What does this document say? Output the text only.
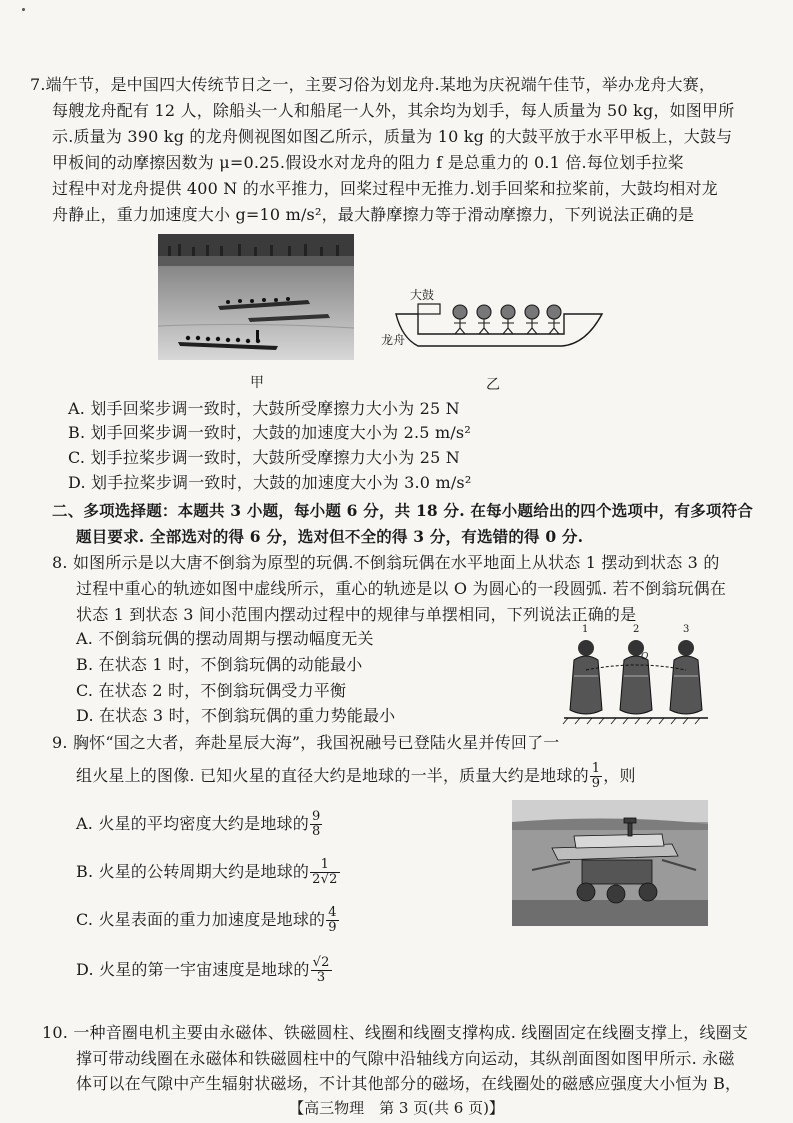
7.端午节，是中国四大传统节日之一，主要习俗为划龙舟.某地为庆祝端午佳节，举办龙舟大赛，
每艘龙舟配有 12 人，除船头一人和船尾一人外，其余均为划手，每人质量为 50 kg，如图甲所
示.质量为 390 kg 的龙舟侧视图如图乙所示，质量为 10 kg 的大鼓平放于水平甲板上，大鼓与
甲板间的动摩擦因数为 μ=0.25.假设水对龙舟的阻力 f 是总重力的 0.1 倍.每位划手拉桨
过程中对龙舟提供 400 N 的水平推力，回桨过程中无推力.划手回桨和拉桨前，大鼓均相对龙
舟静止，重力加速度大小 g=10 m/s²，最大静摩擦力等于滑动摩擦力，下列说法正确的是
甲
大鼓
龙舟
乙
A. 划手回桨步调一致时，大鼓所受摩擦力大小为 25 N
B. 划手回桨步调一致时，大鼓的加速度大小为 2.5 m/s²
C. 划手拉桨步调一致时，大鼓所受摩擦力大小为 25 N
D. 划手拉桨步调一致时，大鼓的加速度大小为 3.0 m/s²
二、多项选择题：本题共 3 小题，每小题 6 分，共 18 分. 在每小题给出的四个选项中，有多项符合
题目要求. 全部选对的得 6 分，选对但不全的得 3 分，有选错的得 0 分.
8. 如图所示是以大唐不倒翁为原型的玩偶.不倒翁玩偶在水平地面上从状态 1 摆动到状态 3 的
过程中重心的轨迹如图中虚线所示，重心的轨迹是以 O 为圆心的一段圆弧. 若不倒翁玩偶在
状态 1 到状态 3 间小范围内摆动过程中的规律与单摆相同，下列说法正确的是
A. 不倒翁玩偶的摆动周期与摆动幅度无关
B. 在状态 1 时，不倒翁玩偶的动能最小
C. 在状态 2 时，不倒翁玩偶受力平衡
D. 在状态 3 时，不倒翁玩偶的重力势能最小
1	2	3
O
9. 胸怀“国之大者，奔赴星辰大海”，我国祝融号已登陆火星并传回了一
组火星上的图像. 已知火星的直径大约是地球的一半，质量大约是地球的 $\frac{1}{9}$ ，则
A. 火星的平均密度大约是地球的 $\frac{9}{8}$
B. 火星的公转周期大约是地球的 $\frac{1}{2√2}$
C. 火星表面的重力加速度是地球的 $\frac{4}{9}$
D. 火星的第一宇宙速度是地球的 $\frac{√2}{3}$
10. 一种音圈电机主要由永磁体、铁磁圆柱、线圈和线圈支撑构成. 线圈固定在线圈支撑上，线圈支
撑可带动线圈在永磁体和铁磁圆柱中的气隙中沿轴线方向运动，其纵剖面图如图甲所示. 永磁
体可以在气隙中产生辐射状磁场，不计其他部分的磁场，在线圈处的磁感应强度大小恒为 B，
【高三物理　第 3 页(共 6 页)】
